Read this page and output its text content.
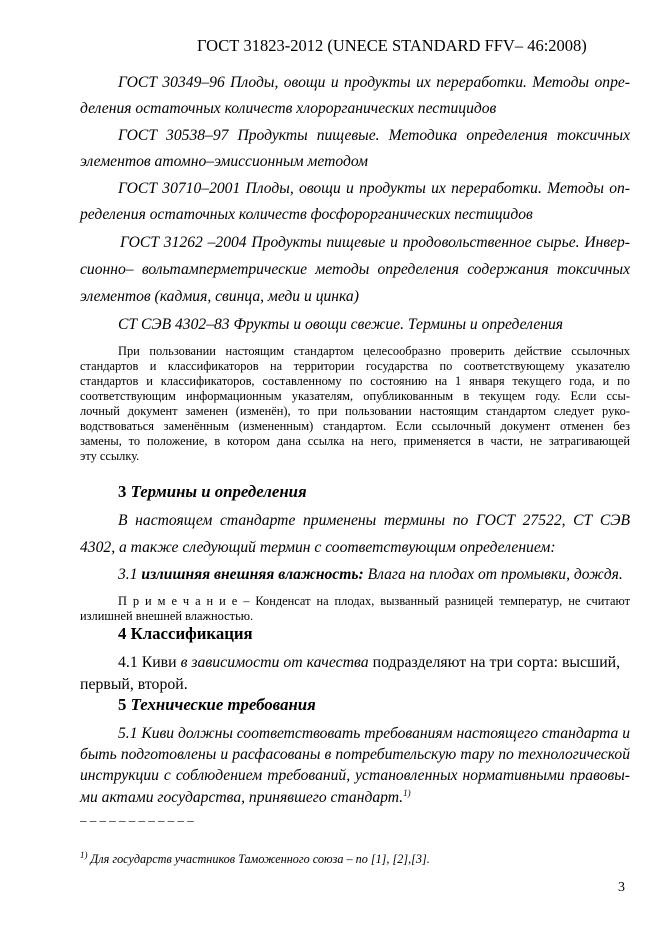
ГОСТ 31823-2012 (UNECE STANDARD FFV– 46:2008)
ГОСТ 30349–96 Плоды, овощи и продукты их переработки. Методы опре-
деления остаточных количеств хлорорганических пестицидов
ГОСТ 30538–97 Продукты пищевые. Методика определения токсичных
элементов атомно–эмиссионным методом
ГОСТ 30710–2001 Плоды, овощи и продукты их переработки. Методы оп-
ределения остаточных количеств фосфорорганических пестицидов
ГОСТ 31262 –2004 Продукты пищевые и продовольственное сырье. Инвер-
сионно– вольтамперметрические методы определения содержания токсичных
элементов (кадмия, свинца, меди и цинка)
СТ СЭВ 4302–83 Фрукты и овощи свежие. Термины и определения
При пользовании настоящим стандартом целесообразно проверить действие ссылочных
стандартов и классификаторов на территории государства по соответствующему указателю
стандартов и классификаторов, составленному по состоянию на 1 января текущего года, и по
соответствующим информационным указателям, опубликованным в текущем году. Если ссы-
лочный документ заменен (изменён), то при пользовании настоящим стандартом следует руко-
водствоваться заменённым (измененным) стандартом. Если ссылочный документ отменен без
замены, то положение, в котором дана ссылка на него, применяется в части, не затрагивающей
эту ссылку.
3 Термины и определения
В настоящем стандарте применены термины по ГОСТ 27522, СТ СЭВ
4302, а также следующий термин с соответствующим определением:
3.1 излишняя внешняя влажность: Влага на плодах от промывки, дождя.
П р и м е ч а н и е – Конденсат на плодах, вызванный разницей температур, не считают
излишней внешней влажностью.
4 Классификация
4.1 Киви в зависимости от качества подразделяют на три сорта: высший,
первый, второй.
5 Технические требования
5.1 Киви должны соответствовать требованиям настоящего стандарта и
быть подготовлены и расфасованы в потребительскую тару по технологической
инструкции с соблюдением требований, установленных нормативными правовы-
ми актами государства, принявшего стандарт.$^{1)}$
_ _ _ _ _ _ _ _ _ _ _ _
$^{1)}$ Для государств участников Таможенного союза – по [1], [2],[3].
3
